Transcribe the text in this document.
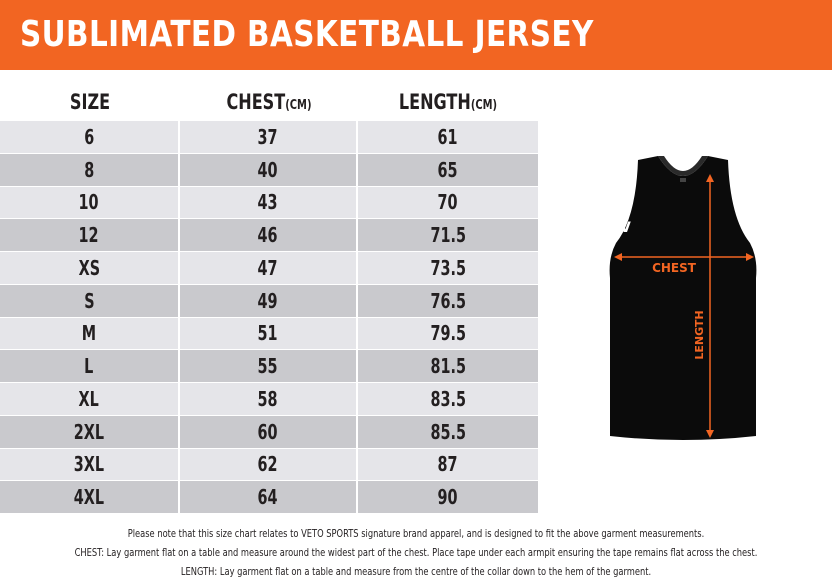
SUBLIMATED BASKETBALL JERSEY
SIZE	CHEST(CM)	LENGTH(CM)
6	37	61
8	40	65
10	43	70
12	46	71.5
XS	47	73.5
S	49	76.5
M	51	79.5
L	55	81.5
XL	58	83.5
2XL	60	85.5
3XL	62	87
4XL	64	90
V
CHEST
LENGTH
Please note that this size chart relates to VETO SPORTS signature brand apparel, and is designed to fit the above garment measurements.
CHEST: Lay garment flat on a table and measure around the widest part of the chest. Place tape under each armpit ensuring the tape remains flat across the chest.
LENGTH: Lay garment flat on a table and measure from the centre of the collar down to the hem of the garment.
